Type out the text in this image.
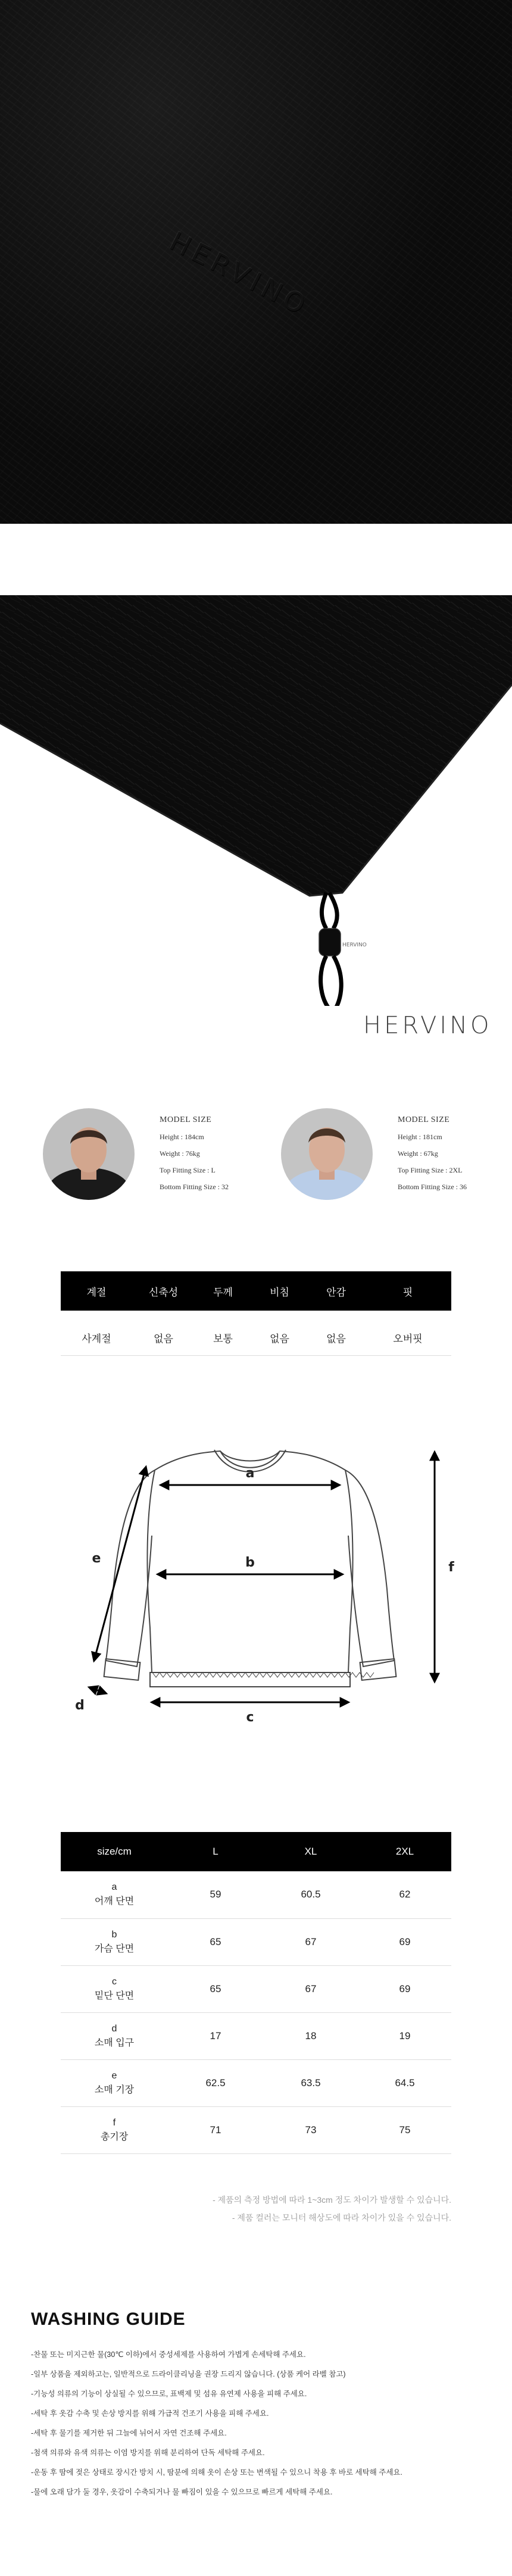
HERVINO
HERVINO
HERVINO
MODEL SIZE
Height : 184cm
Weight : 76kg
Top Fitting Size : L
Bottom Fitting Size : 32
MODEL SIZE
Height : 181cm
Weight : 67kg
Top Fitting Size : 2XL
Bottom Fitting Size : 36
계절	신축성	두께	비침	안감	핏
사계절	없음	보통	없음	없음	오버핏
a
b
c
d
e
f
size/cm	L	XL	2XL
a
어깨 단면	59	60.5	62
b
가슴 단면	65	67	69
c
밑단 단면	65	67	69
d
소매 입구	17	18	19
e
소매 기장	62.5	63.5	64.5
f
총기장	71	73	75
- 제품의 측정 방법에 따라 1~3cm 정도 차이가 발생할 수 있습니다.
- 제품 컬러는 모니터 해상도에 따라 차이가 있을 수 있습니다.
WASHING GUIDE
-찬물 또는 미지근한 물(30℃ 이하)에서 중성세제를 사용하여 가볍게 손세탁해 주세요.
-일부 상품을 제외하고는, 일반적으로 드라이클리닝을 권장 드리지 않습니다. (상품 케어 라벨 참고)
-기능성 의류의 기능이 상실될 수 있으므로, 표백제 및 섬유 유연제 사용을 피해 주세요.
-세탁 후 옷감 수축 및 손상 방지를 위해 가급적 건조기 사용을 피해 주세요.
-세탁 후 물기를 제거한 뒤 그늘에 뉘어서 자연 건조해 주세요.
-첨색 의류와 유색 의류는 이염 방지를 위해 분리하여 단독 세탁해 주세요.
-운동 후 땀에 젖은 상태로 장시간 방치 시, 땀분에 의해 옷이 손상 또는 변색될 수 있으니 착용 후 바로 세탁해 주세요.
-물에 오래 담가 둘 경우, 옷감이 수축되거나 물 빠짐이 있을 수 있으므로 빠르게 세탁해 주세요.
